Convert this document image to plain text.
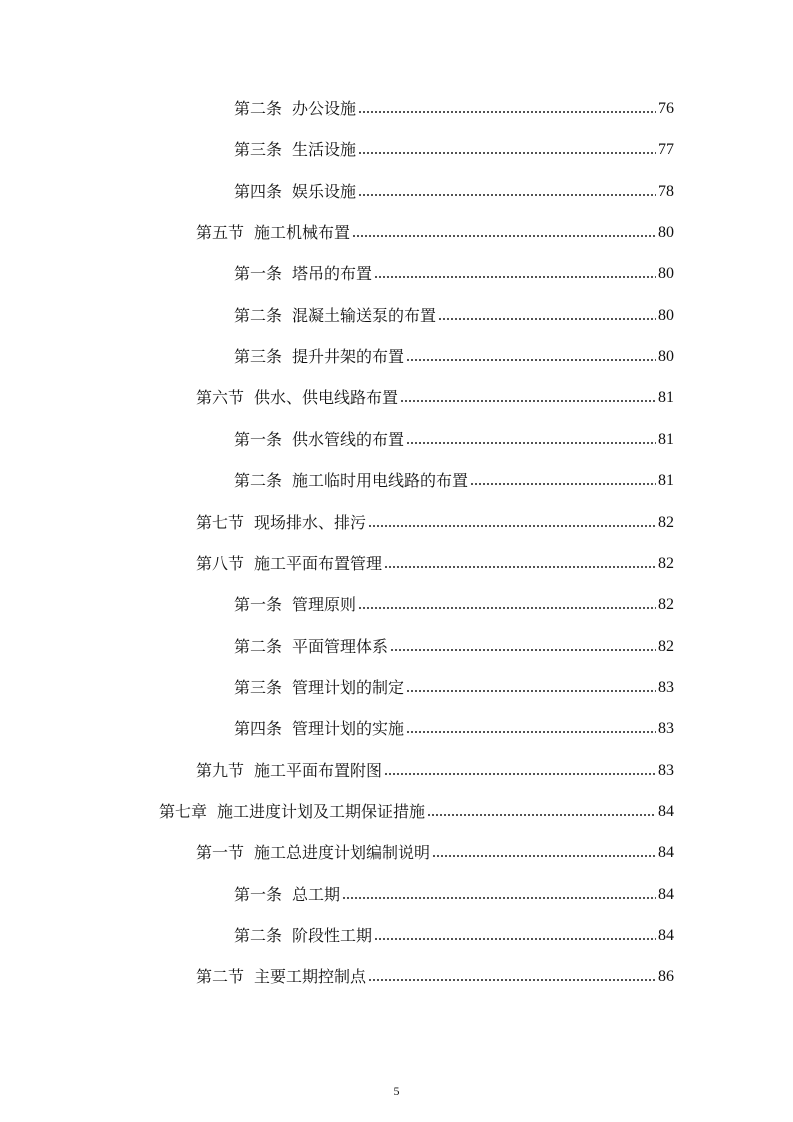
第二条 办公设施	76
第三条 生活设施	77
第四条 娱乐设施	78
第五节 施工机械布置	80
第一条 塔吊的布置	80
第二条 混凝土输送泵的布置	80
第三条 提升井架的布置	80
第六节 供水、供电线路布置	81
第一条 供水管线的布置	81
第二条 施工临时用电线路的布置	81
第七节 现场排水、排污	82
第八节 施工平面布置管理	82
第一条 管理原则	82
第二条 平面管理体系	82
第三条 管理计划的制定	83
第四条 管理计划的实施	83
第九节 施工平面布置附图	83
第七章 施工进度计划及工期保证措施	84
第一节 施工总进度计划编制说明	84
第一条 总工期	84
第二条 阶段性工期	84
第二节 主要工期控制点	86
5
